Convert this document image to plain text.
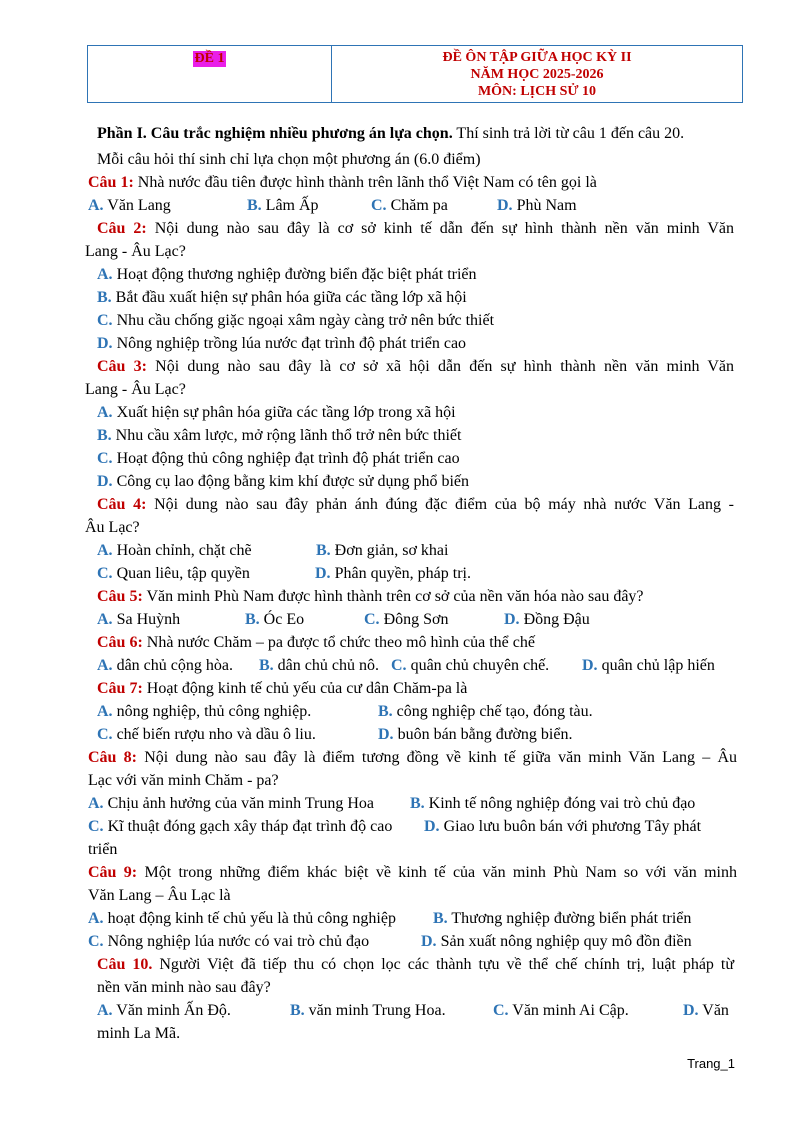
ĐỀ 1	ĐỀ ÔN TẬP GIỮA HỌC KỲ II

NĂM HỌC 2025-2026

MÔN: LỊCH SỬ 10

Phần I. Câu trắc nghiệm nhiều phương án lựa chọn. Thí sinh trả lời từ câu 1 đến câu 20.
Mỗi câu hỏi thí sinh chỉ lựa chọn một phương án (6.0 điểm)
Câu 1: Nhà nước đầu tiên được hình thành trên lãnh thổ Việt Nam có tên gọi là
A. Văn Lang	B. Lâm Ấp	C. Chăm pa	D. Phù Nam
Câu 2: Nội dung nào sau đây là cơ sở kinh tế dẫn đến sự hình thành nền văn minh Văn
Lang - Âu Lạc?
A. Hoạt động thương nghiệp đường biển đặc biệt phát triển
B. Bắt đầu xuất hiện sự phân hóa giữa các tầng lớp xã hội
C. Nhu cầu chống giặc ngoại xâm ngày càng trở nên bức thiết
D. Nông nghiệp trồng lúa nước đạt trình độ phát triển cao
Câu 3: Nội dung nào sau đây là cơ sở xã hội dẫn đến sự hình thành nền văn minh Văn
Lang - Âu Lạc?
A. Xuất hiện sự phân hóa giữa các tầng lớp trong xã hội
B. Nhu cầu xâm lược, mở rộng lãnh thổ trở nên bức thiết
C. Hoạt động thủ công nghiệp đạt trình độ phát triển cao
D. Công cụ lao động bằng kim khí được sử dụng phổ biến
Câu 4: Nội dung nào sau đây phản ánh đúng đặc điểm của bộ máy nhà nước Văn Lang -
Âu Lạc?
A. Hoàn chỉnh, chặt chẽ	B. Đơn giản, sơ khai
C. Quan liêu, tập quyền	D. Phân quyền, pháp trị.
Câu 5: Văn minh Phù Nam được hình thành trên cơ sở của nền văn hóa nào sau đây?
A. Sa Huỳnh	B. Óc Eo	C. Đông Sơn	D. Đồng Đậu
Câu 6: Nhà nước Chăm – pa được tổ chức theo mô hình của thể chế
A. dân chủ cộng hòa. B. dân chủ chủ nô. C. quân chủ chuyên chế. D. quân chủ lập hiến
Câu 7: Hoạt động kinh tế chủ yếu của cư dân Chăm-pa là
A. nông nghiệp, thủ công nghiệp.	B. công nghiệp chế tạo, đóng tàu.
C. chế biến rượu nho và dầu ô liu.	D. buôn bán bằng đường biển.
Câu 8: Nội dung nào sau đây là điểm tương đồng về kinh tế giữa văn minh Văn Lang – Âu
Lạc với văn minh Chăm - pa?
A. Chịu ảnh hưởng của văn minh Trung Hoa B. Kinh tế nông nghiệp đóng vai trò chủ đạo
C. Kĩ thuật đóng gạch xây tháp đạt trình độ cao D. Giao lưu buôn bán với phương Tây phát
triển
Câu 9: Một trong những điểm khác biệt về kinh tế của văn minh Phù Nam so với văn minh
Văn Lang – Âu Lạc là
A. hoạt động kinh tế chủ yếu là thủ công nghiệp B. Thương nghiệp đường biển phát triển
C. Nông nghiệp lúa nước có vai trò chủ đạo	D. Sản xuất nông nghiệp quy mô đồn điền
Câu 10. Người Việt đã tiếp thu có chọn lọc các thành tựu về thể chế chính trị, luật pháp từ
nền văn minh nào sau đây?
A. Văn minh Ấn Độ.	B. văn minh Trung Hoa.	C. Văn minh Ai Cập.	D. Văn
minh La Mã.
Trang_1
